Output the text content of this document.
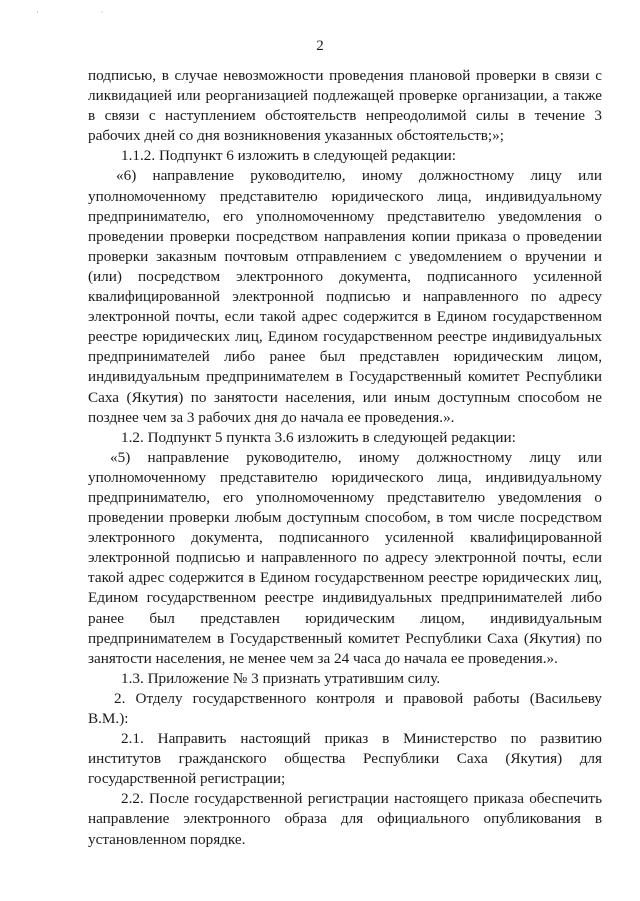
· ·
2

подписью, в случае невозможности проведения плановой проверки в связи с ликвидацией или реорганизацией подлежащей проверке организации, а также в связи с наступлением обстоятельств непреодолимой силы в течение 3 рабочих дней со дня возникновения указанных обстоятельств;»;

1.1.2. Подпункт 6 изложить в следующей редакции:

«6) направление руководителю, иному должностному лицу или уполномоченному представителю юридического лица, индивидуальному предпринимателю, его уполномоченному представителю уведомления о проведении проверки посредством направления копии приказа о проведении проверки заказным почтовым отправлением с уведомлением о вручении и (или) посредством электронного документа, подписанного усиленной квалифицированной электронной подписью и направленного по адресу электронной почты, если такой адрес содержится в Едином государственном реестре юридических лиц, Едином государственном реестре индивидуальных предпринимателей либо ранее был представлен юридическим лицом, индивидуальным предпринимателем в Государственный комитет Республики Саха (Якутия) по занятости населения, или иным доступным способом не позднее чем за 3 рабочих дня до начала ее проведения.».

1.2. Подпункт 5 пункта 3.6 изложить в следующей редакции:

«5) направление руководителю, иному должностному лицу или уполномоченному представителю юридического лица, индивидуальному предпринимателю, его уполномоченному представителю уведомления о проведении проверки любым доступным способом, в том числе посредством электронного документа, подписанного усиленной квалифицированной электронной подписью и направленного по адресу электронной почты, если такой адрес содержится в Едином государственном реестре юридических лиц, Едином государственном реестре индивидуальных предпринимателей либо ранее был представлен юридическим лицом, индивидуальным предпринимателем в Государственный комитет Республики Саха (Якутия) по занятости населения, не менее чем за 24 часа до начала ее проведения.».

1.3. Приложение № 3 признать утратившим силу.

2. Отделу государственного контроля и правовой работы (Васильеву В.М.):

2.1. Направить настоящий приказ в Министерство по развитию институтов гражданского общества Республики Саха (Якутия) для государственной регистрации;

2.2. После государственной регистрации настоящего приказа обеспечить направление электронного образа для официального опубликования в установленном порядке.
